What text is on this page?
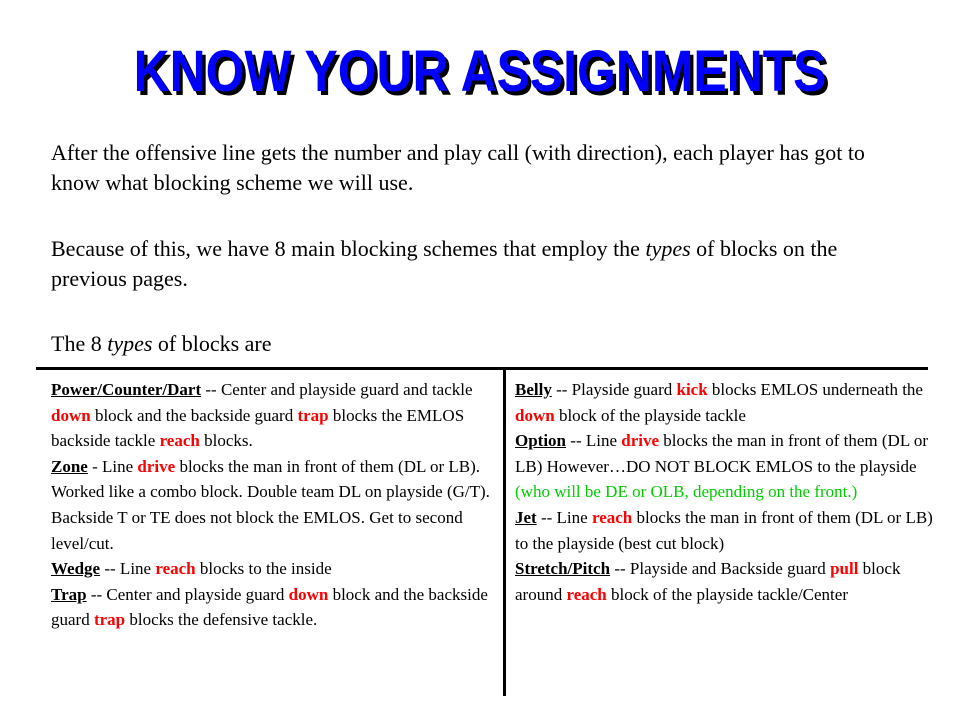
KNOW YOUR ASSIGNMENTS

After the offensive line gets the number and play call (with direction), each player has got to know what blocking scheme we will use.

Because of this, we have 8 main blocking schemes that employ the types of blocks on the previous pages.

The 8 types of blocks are

Power/Counter/Dart -- Center and playside guard and tackle down block and the backside guard trap blocks the EMLOS backside tackle reach blocks.

Zone - Line drive blocks the man in front of them (DL or LB). Worked like a combo block. Double team DL on playside (G/T). Backside T or TE does not block the EMLOS. Get to second level/cut.

Wedge -- Line reach blocks to the inside

Trap -- Center and playside guard down block and the backside guard trap blocks the defensive tackle.

Belly -- Playside guard kick blocks EMLOS underneath the down block of the playside tackle

Option -- Line drive blocks the man in front of them (DL or LB) However…DO NOT BLOCK EMLOS to the playside (who will be DE or OLB, depending on the front.)

Jet -- Line reach blocks the man in front of them (DL or LB) to the playside (best cut block)

Stretch/Pitch -- Playside and Backside guard pull block around reach block of the playside tackle/Center
